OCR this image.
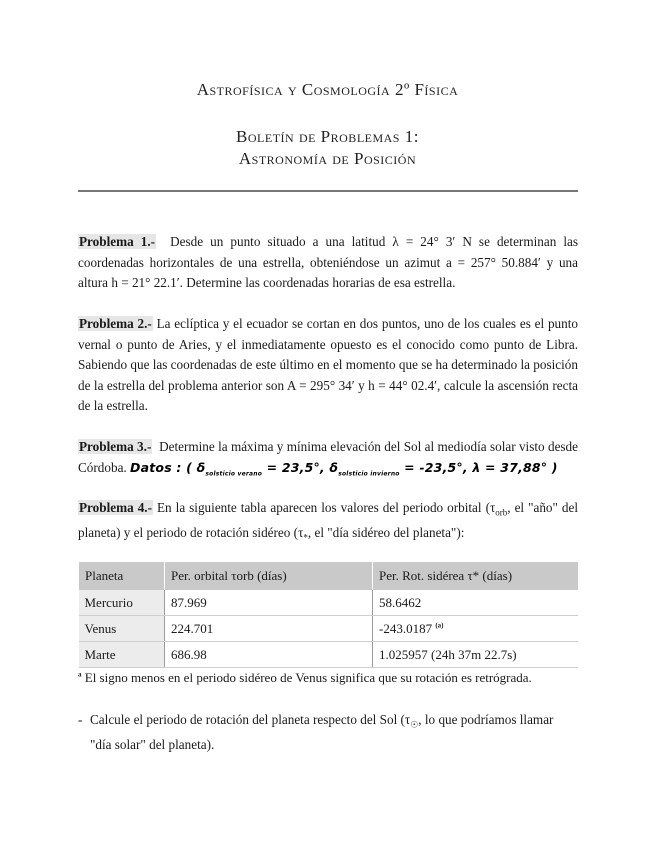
Astrofísica y Cosmología 2º Física
Boletín de Problemas 1:
Astronomía de Posición
Problema 1.- Desde un punto situado a una latitud λ = 24° 3′ N se determinan las coordenadas horizontales de una estrella, obteniéndose un azimut a = 257° 50.884′ y una altura h = 21° 22.1′. Determine las coordenadas horarias de esa estrella.
Problema 2.- La eclíptica y el ecuador se cortan en dos puntos, uno de los cuales es el punto vernal o punto de Aries, y el inmediatamente opuesto es el conocido como punto de Libra. Sabiendo que las coordenadas de este último en el momento que se ha determinado la posición de la estrella del problema anterior son A = 295° 34′ y h = 44° 02.4′, calcule la ascensión recta de la estrella.
Problema 3.- Determine la máxima y mínima elevación del Sol al mediodía solar visto desde Córdoba. Datos : ( $\delta_{solsticio verano} = 23,5^\circ$, $\delta_{solsticio invierno} = -23,5^\circ$, λ = 37,88° )
Problema 4.- En la siguiente tabla aparecen los valores del periodo orbital ($\tau_{orb}$, el "año" del planeta) y el periodo de rotación sidéreo ($\tau_*$, el "día sidéreo del planeta"):
Planeta	Per. orbital τorb (días)	Per. Rot. sidérea τ* (días)
Mercurio	87.969	58.6462
Venus	224.701	-243.0187 $^{(a)}$
Marte	686.98	1.025957 (24h 37m 22.7s)
$^a$ El signo menos en el periodo sidéreo de Venus significa que su rotación es retrógrada.
- Calcule el periodo de rotación del planeta respecto del Sol ($\tau_☉$, lo que podríamos llamar "día solar" del planeta).
